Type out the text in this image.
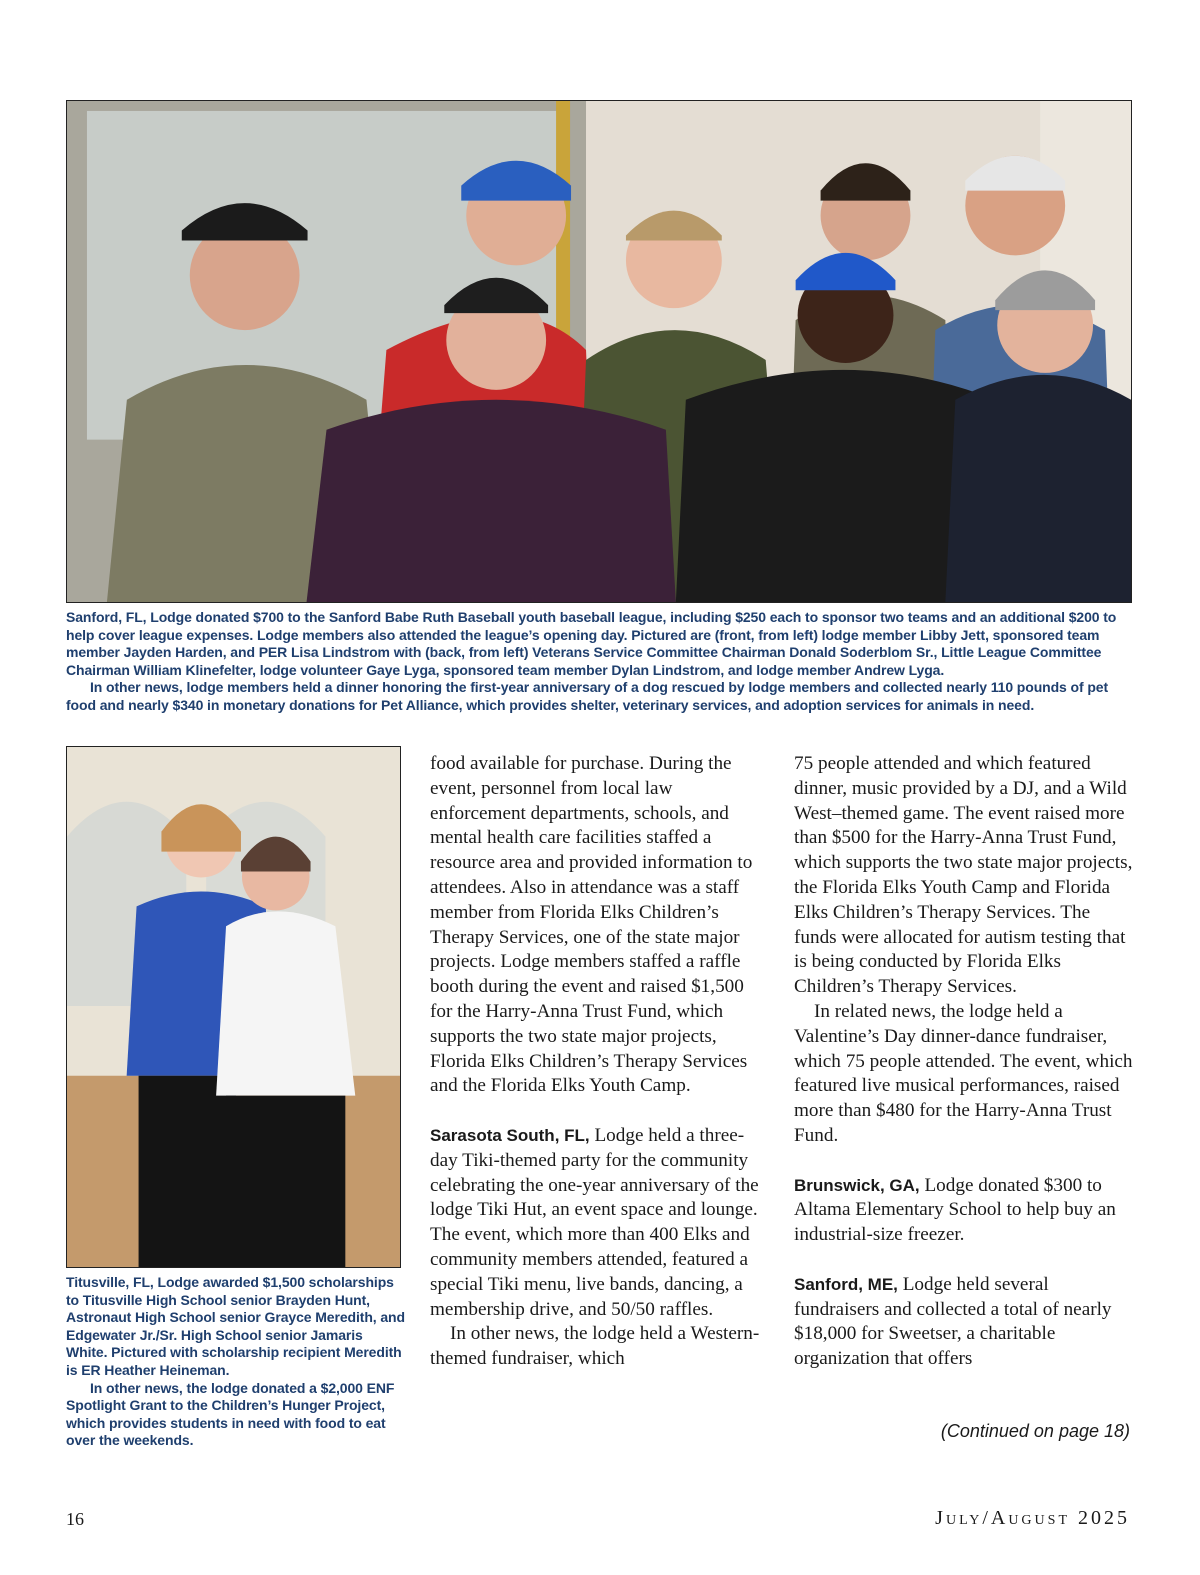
Sanford, FL, Lodge donated $700 to the Sanford Babe Ruth Baseball youth baseball league, including $250 each to sponsor two teams and an additional $200 to help cover league expenses. Lodge members also attended the league’s opening day. Pictured are (front, from left) lodge member Libby Jett, sponsored team member Jayden Harden, and PER Lisa Lindstrom with (back, from left) Veterans Service Committee Chairman Donald Soderblom Sr., Little League Committee Chairman William Klinefelter, lodge volunteer Gaye Lyga, sponsored team member Dylan Lindstrom, and lodge member Andrew Lyga.

In other news, lodge members held a dinner honoring the first-year anniversary of a dog rescued by lodge members and collected nearly 110 pounds of pet food and nearly $340 in monetary donations for Pet Alliance, which provides shelter, veterinary services, and adoption services for animals in need.

Titusville, FL, Lodge awarded $1,500 scholarships to Titusville High School senior Brayden Hunt, Astronaut High School senior Grayce Meredith, and Edgewater Jr./Sr. High School senior Jamaris White. Pictured with scholarship recipient Meredith is ER Heather Heineman.

In other news, the lodge donated a $2,000 ENF Spotlight Grant to the Children’s Hunger Project, which provides students in need with food to eat over the weekends.

food available for purchase. During the event, personnel from local law enforcement departments, schools, and mental health care facilities staffed a resource area and provided information to attendees. Also in attendance was a staff member from Florida Elks Children’s Therapy Services, one of the state major projects. Lodge members staffed a raffle booth during the event and raised $1,500 for the Harry-Anna Trust Fund, which supports the two state major projects, Florida Elks Children’s Therapy Services and the Florida Elks Youth Camp.

Sarasota South, FL, Lodge held a three-day Tiki-themed party for the community celebrating the one-year anniversary of the lodge Tiki Hut, an event space and lounge. The event, which more than 400 Elks and community members attended, featured a special Tiki menu, live bands, dancing, a membership drive, and 50/50 raffles.

In other news, the lodge held a Western-themed fundraiser, which

75 people attended and which featured dinner, music provided by a DJ, and a Wild West–themed game. The event raised more than $500 for the Harry-Anna Trust Fund, which supports the two state major projects, the Florida Elks Youth Camp and Florida Elks Children’s Therapy Services. The funds were allocated for autism testing that is being conducted by Florida Elks Children’s Therapy Services.

In related news, the lodge held a Valentine’s Day dinner-dance fundraiser, which 75 people attended. The event, which featured live musical performances, raised more than $480 for the Harry-Anna Trust Fund.

Brunswick, GA, Lodge donated $300 to Altama Elementary School to help buy an industrial-size freezer.

Sanford, ME, Lodge held several fundraisers and collected a total of nearly $18,000 for Sweetser, a charitable organization that offers

(Continued on page 18)
16	July/August 2025
